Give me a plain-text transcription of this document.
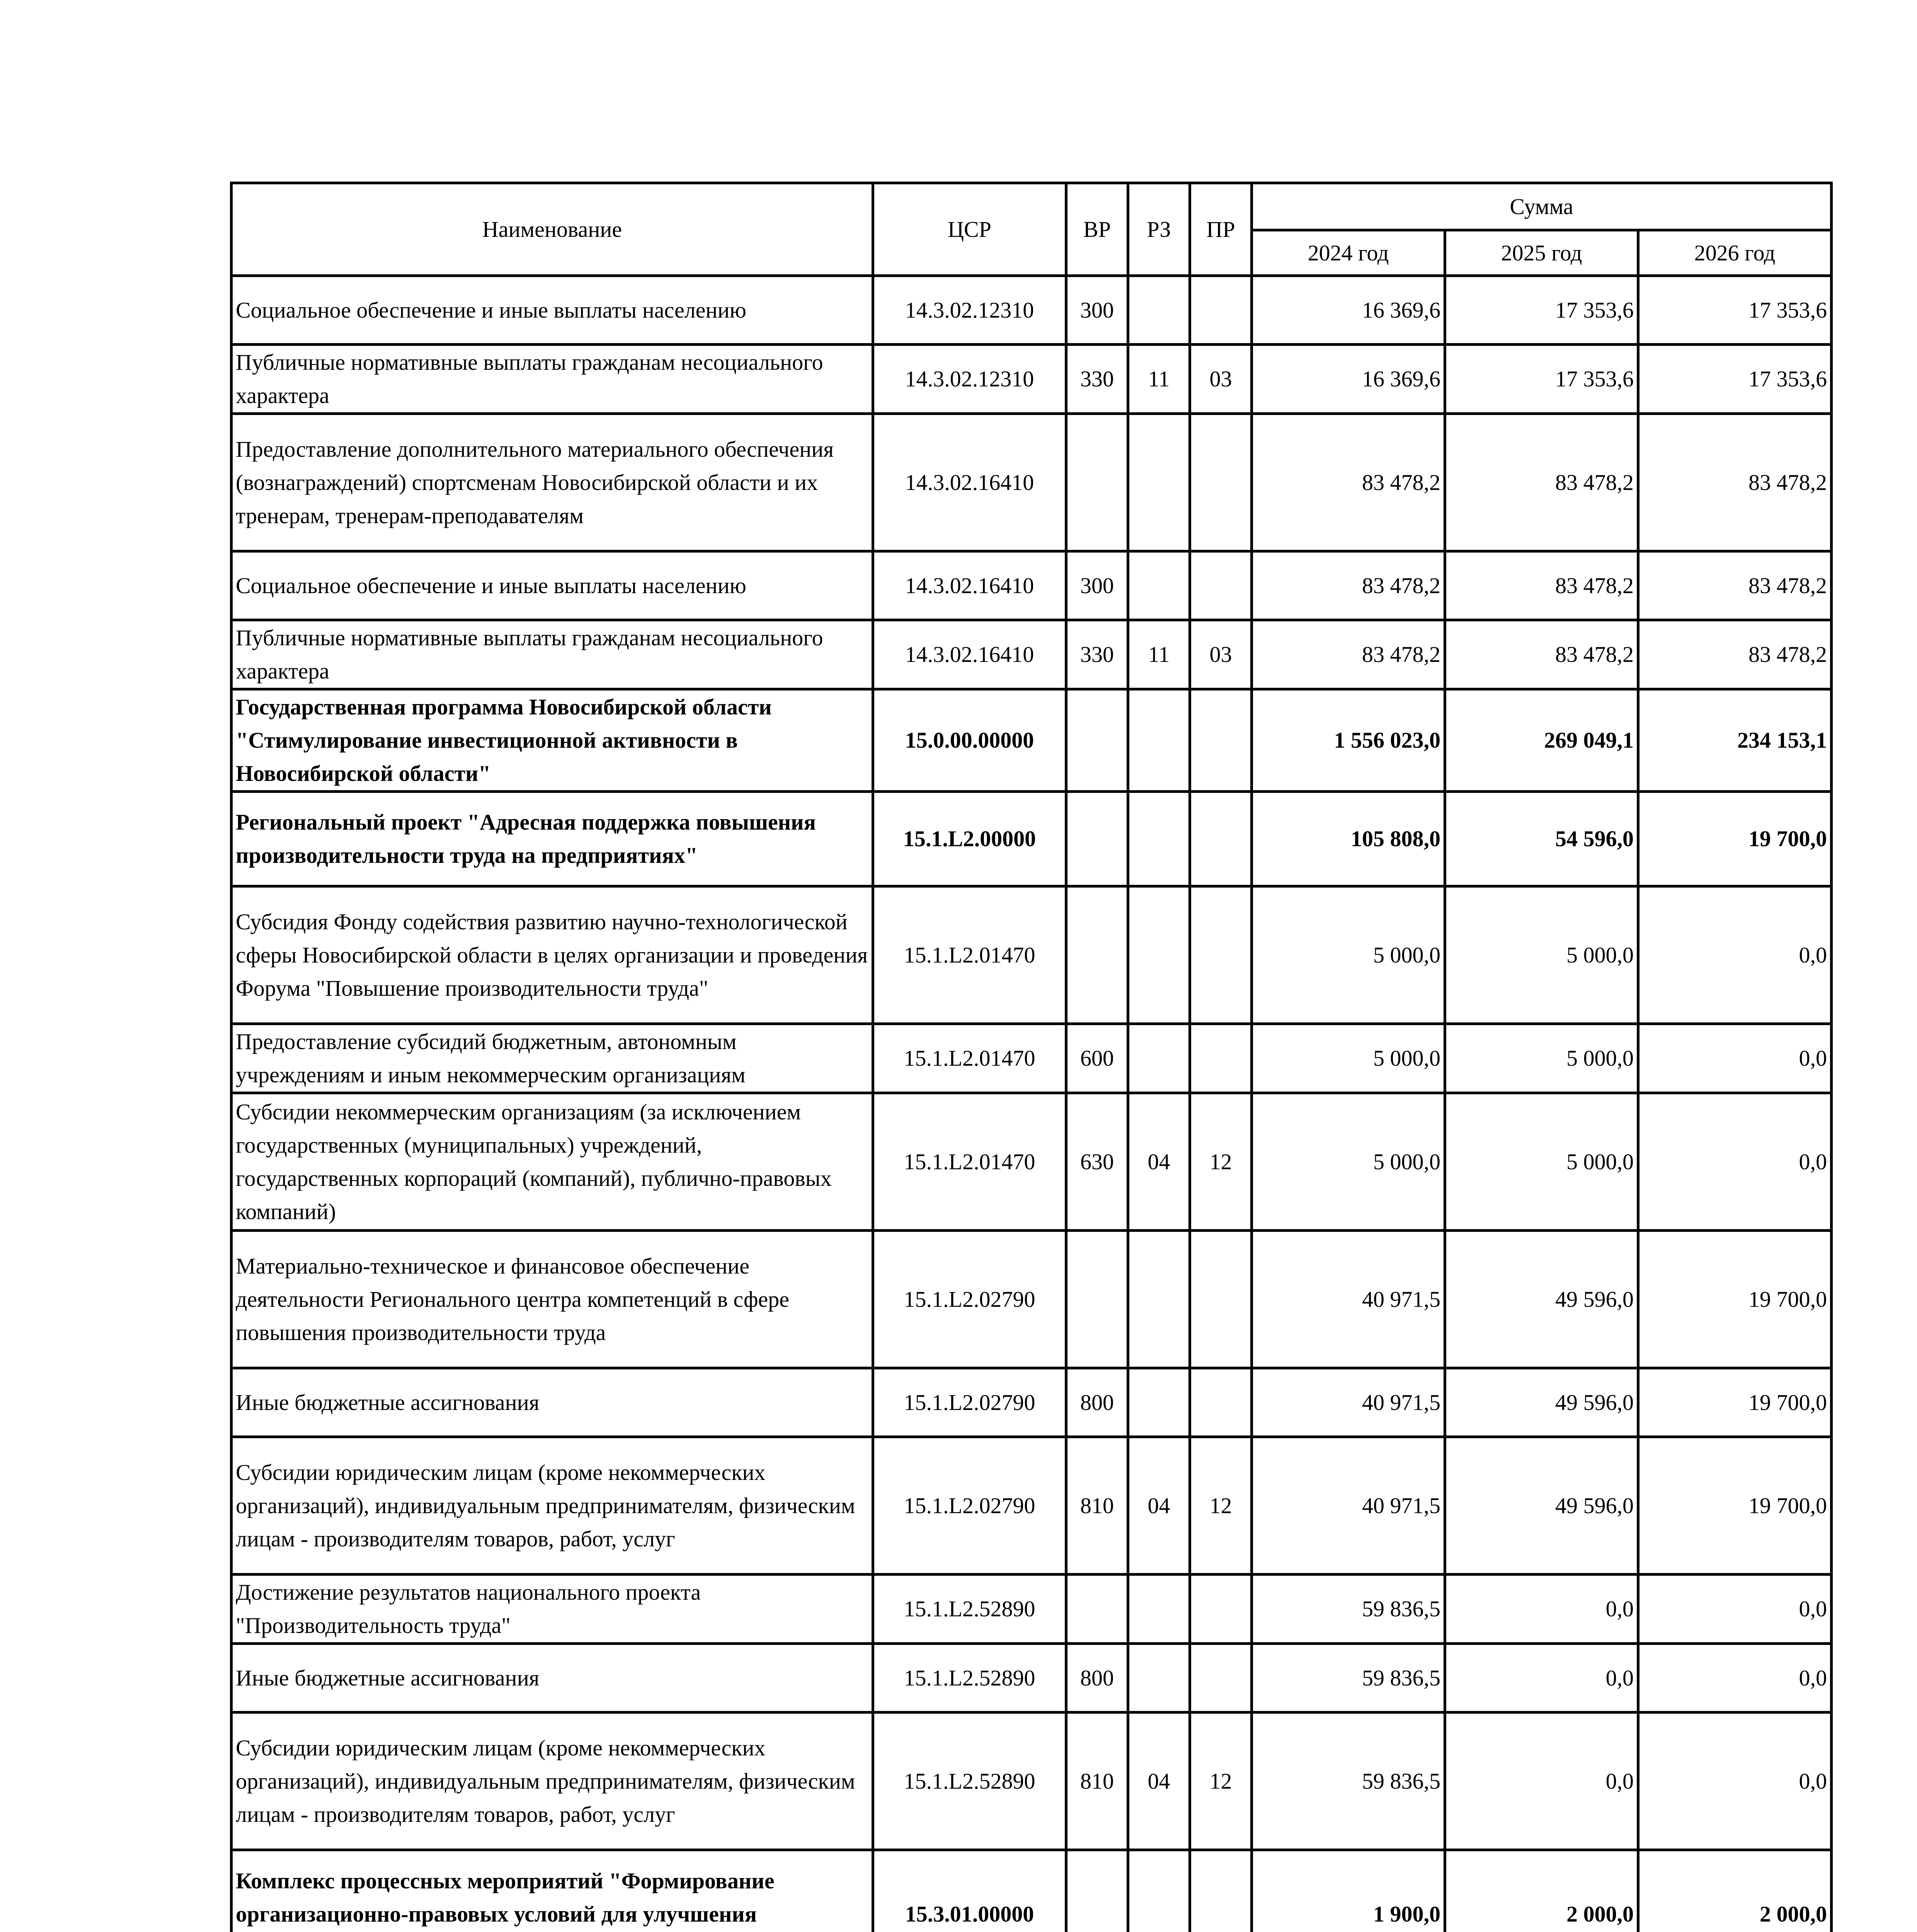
Наименование	ЦСР	ВР	РЗ	ПР	Сумма		
					2024 год	2025 год	2026 год
Социальное обеспечение и иные выплаты населению	14.3.02.12310	300			16 369,6	17 353,6	17 353,6
Публичные нормативные выплаты гражданам несоциального характера	14.3.02.12310	330	11	03	16 369,6	17 353,6	17 353,6
Предоставление дополнительного материального обеспечения (вознаграждений) спортсменам Новосибирской области и их тренерам, тренерам-преподавателям	14.3.02.16410				83 478,2	83 478,2	83 478,2
Социальное обеспечение и иные выплаты населению	14.3.02.16410	300			83 478,2	83 478,2	83 478,2
Публичные нормативные выплаты гражданам несоциального характера	14.3.02.16410	330	11	03	83 478,2	83 478,2	83 478,2
Государственная программа Новосибирской области "Стимулирование инвестиционной активности в Новосибирской области"	15.0.00.00000				1 556 023,0	269 049,1	234 153,1
Региональный проект "Адресная поддержка повышения производительности труда на предприятиях"	15.1.L2.00000				105 808,0	54 596,0	19 700,0
Субсидия Фонду содействия развитию научно-технологической сферы Новосибирской области в целях организации и проведения Форума "Повышение производительности труда"	15.1.L2.01470				5 000,0	5 000,0	0,0
Предоставление субсидий бюджетным, автономным учреждениям и иным некоммерческим организациям	15.1.L2.01470	600			5 000,0	5 000,0	0,0
Субсидии некоммерческим организациям (за исключением государственных (муниципальных) учреждений, государственных корпораций (компаний), публично-правовых компаний)	15.1.L2.01470	630	04	12	5 000,0	5 000,0	0,0
Материально-техническое и финансовое обеспечение деятельности Регионального центра компетенций в сфере повышения производительности труда	15.1.L2.02790				40 971,5	49 596,0	19 700,0
Иные бюджетные ассигнования	15.1.L2.02790	800			40 971,5	49 596,0	19 700,0
Субсидии юридическим лицам (кроме некоммерческих организаций), индивидуальным предпринимателям, физическим лицам - производителям товаров, работ, услуг	15.1.L2.02790	810	04	12	40 971,5	49 596,0	19 700,0
Достижение результатов национального проекта "Производительность труда"	15.1.L2.52890				59 836,5	0,0	0,0
Иные бюджетные ассигнования	15.1.L2.52890	800			59 836,5	0,0	0,0
Субсидии юридическим лицам (кроме некоммерческих организаций), индивидуальным предпринимателям, физическим лицам - производителям товаров, работ, услуг	15.1.L2.52890	810	04	12	59 836,5	0,0	0,0
Комплекс процессных мероприятий "Формирование организационно-правовых условий для улучшения	15.3.01.00000				1 900,0	2 000,0	2 000,0
